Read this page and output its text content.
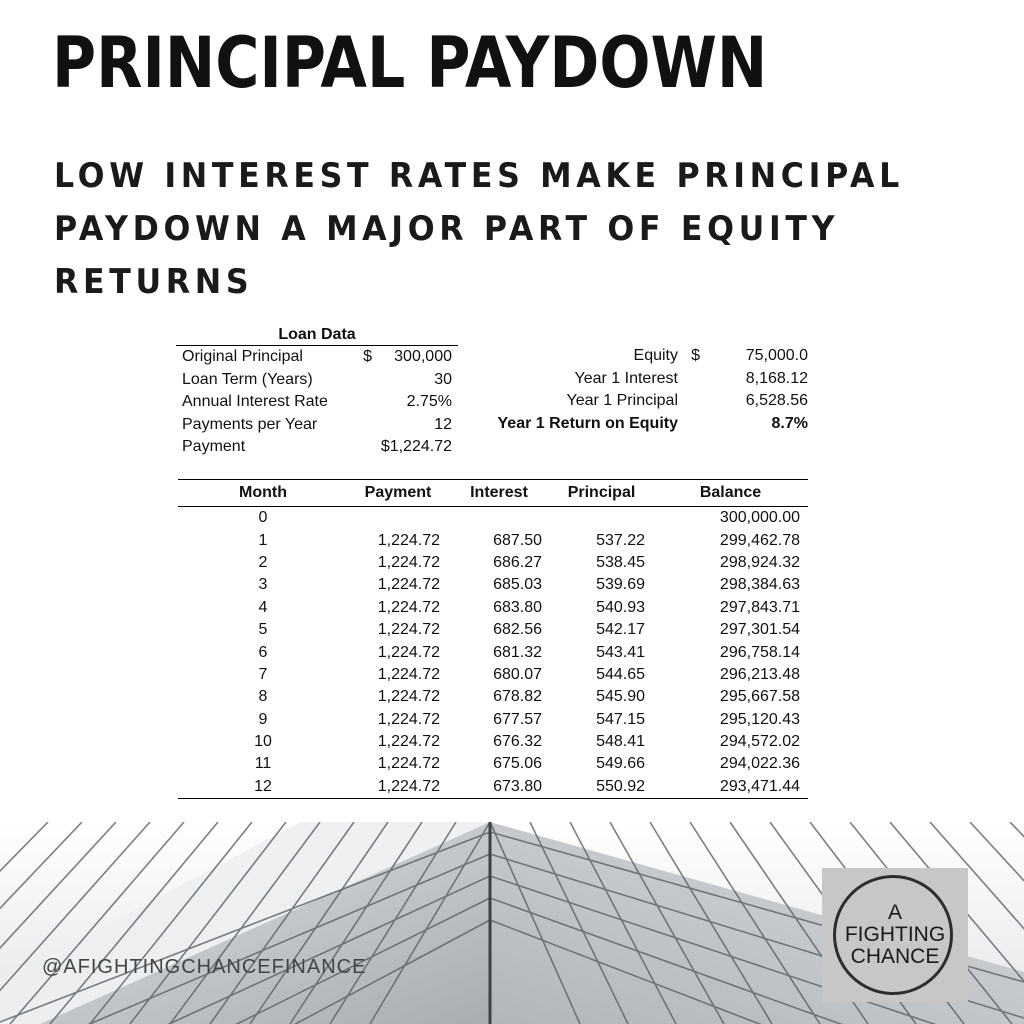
PRINCIPAL PAYDOWN
LOW INTEREST RATES MAKE PRINCIPAL
PAYDOWN A MAJOR PART OF EQUITY
RETURNS
Loan Data
Original Principal	$	300,000
Loan Term (Years)	30
Annual Interest Rate	2.75%
Payments per Year	12
Payment	$1,224.72
Equity $	75,000.0
Year 1 Interest	8,168.12
Year 1 Principal	6,528.56
Year 1 Return on Equity	8.7%
Month	Payment	Interest	Principal	Balance
0				300,000.00
1	1,224.72	687.50	537.22	299,462.78
2	1,224.72	686.27	538.45	298,924.32
3	1,224.72	685.03	539.69	298,384.63
4	1,224.72	683.80	540.93	297,843.71
5	1,224.72	682.56	542.17	297,301.54
6	1,224.72	681.32	543.41	296,758.14
7	1,224.72	680.07	544.65	296,213.48
8	1,224.72	678.82	545.90	295,667.58
9	1,224.72	677.57	547.15	295,120.43
10	1,224.72	676.32	548.41	294,572.02
11	1,224.72	675.06	549.66	294,022.36
12	1,224.72	673.80	550.92	293,471.44
@AFIGHTINGCHANCEFINANCE
A
FIGHTING
CHANCE
